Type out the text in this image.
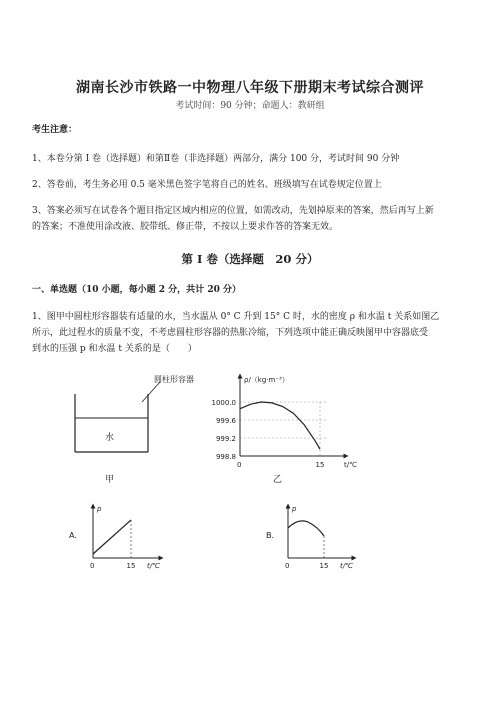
湖南长沙市铁路一中物理八年级下册期末考试综合测评
考试时间：90 分钟；命题人：教研组
考生注意：
1、本卷分第 I 卷（选择题）和第Ⅱ卷（非选择题）两部分，满分 100 分，考试时间 90 分钟
2、答卷前，考生务必用 0.5 毫米黑色签字笔将自己的姓名、班级填写在试卷规定位置上
3、答案必须写在试卷各个题目指定区域内相应的位置，如需改动，先划掉原来的答案，然后再写上新
的答案；不准使用涂改液、胶带纸、修正带，不按以上要求作答的答案无效。
第 I 卷（选择题　20 分）
一、单选题（10 小题，每小题 2 分，共计 20 分）
1、图甲中圆柱形容器装有适量的水，当水温从 0° C 升到 15° C 时，水的密度 ρ 和水温 t 关系如图乙
所示，此过程水的质量不变，不考虑圆柱形容器的热胀冷缩，下列选项中能正确反映图甲中容器底受
到水的压强 p 和水温 t 关系的是（　　）
圆柱形容器
水
甲
ρ/（kg·m⁻³）
t/℃
0
1000.0
999.6
999.2
998.8
15
乙
A.
p
0	15 t/℃
B.
p
0	15 t/℃
